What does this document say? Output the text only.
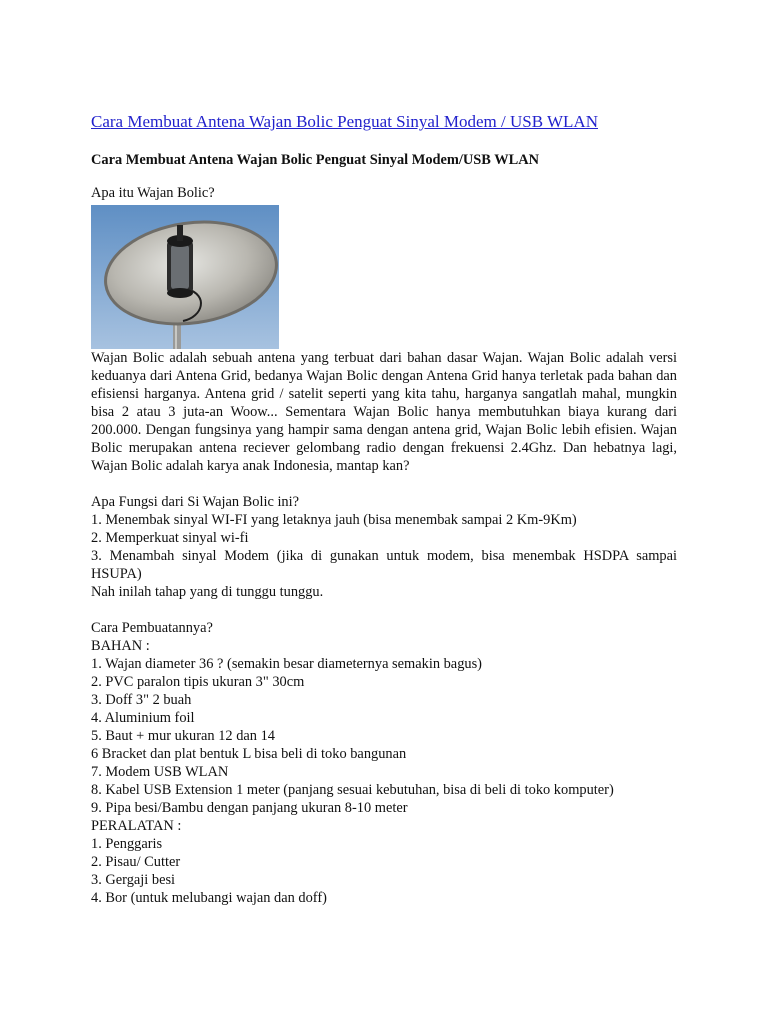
Cara Membuat Antena Wajan Bolic Penguat Sinyal Modem / USB WLAN
Cara Membuat Antena Wajan Bolic Penguat Sinyal Modem/USB WLAN
Apa itu Wajan Bolic?

Wajan Bolic adalah sebuah antena yang terbuat dari bahan dasar Wajan. Wajan Bolic adalah versi keduanya dari Antena Grid, bedanya Wajan Bolic dengan Antena Grid hanya terletak pada bahan dan efisiensi harganya. Antena grid / satelit seperti yang kita tahu, harganya sangatlah mahal, mungkin bisa 2 atau 3 juta-an Woow... Sementara Wajan Bolic hanya membutuhkan biaya kurang dari 200.000. Dengan fungsinya yang hampir sama dengan antena grid, Wajan Bolic lebih efisien. Wajan Bolic merupakan antena reciever gelombang radio dengan frekuensi 2.4Ghz. Dan hebatnya lagi, Wajan Bolic adalah karya anak Indonesia, mantap kan?

Apa Fungsi dari Si Wajan Bolic ini?
1. Menembak sinyal WI-FI yang letaknya jauh (bisa menembak sampai 2 Km-9Km)
2. Memperkuat sinyal wi-fi
3. Menambah sinyal Modem (jika di gunakan untuk modem, bisa menembak HSDPA sampai HSUPA)
Nah inilah tahap yang di tunggu tunggu.
Cara Pembuatannya?
BAHAN :
1. Wajan diameter 36 ? (semakin besar diameternya semakin bagus)
2. PVC paralon tipis ukuran 3" 30cm
3. Doff 3" 2 buah
4. Aluminium foil
5. Baut + mur ukuran 12 dan 14
6 Bracket dan plat bentuk L bisa beli di toko bangunan
7. Modem USB WLAN
8. Kabel USB Extension 1 meter (panjang sesuai kebutuhan, bisa di beli di toko komputer)
9. Pipa besi/Bambu dengan panjang ukuran 8-10 meter
PERALATAN :
1. Penggaris
2. Pisau/ Cutter
3. Gergaji besi
4. Bor (untuk melubangi wajan dan doff)
